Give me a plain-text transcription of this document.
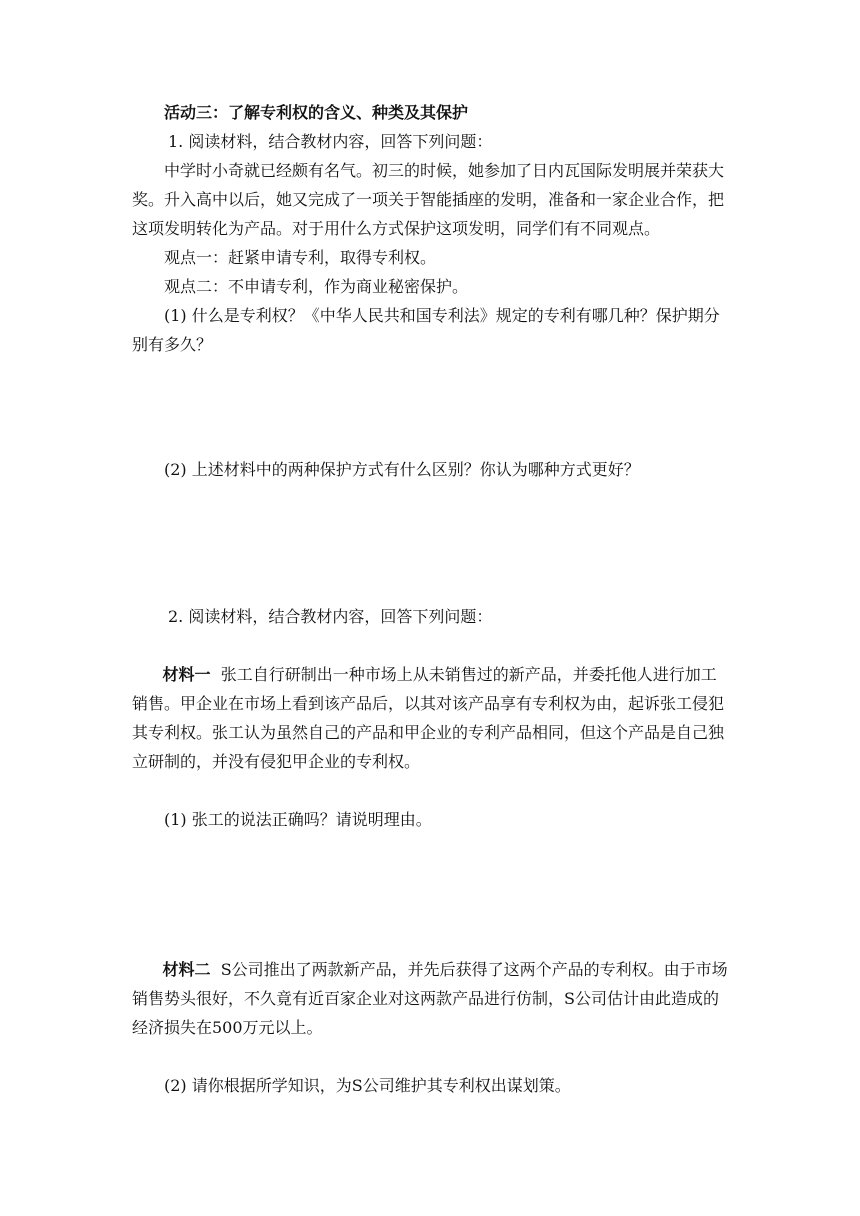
活动三：了解专利权的含义、种类及其保护

1. 阅读材料，结合教材内容，回答下列问题：

中学时小奇就已经颇有名气。初三的时候，她参加了日内瓦国际发明展并荣获大奖。升入高中以后，她又完成了一项关于智能插座的发明，准备和一家企业合作，把这项发明转化为产品。对于用什么方式保护这项发明，同学们有不同观点。

观点一：赶紧申请专利，取得专利权。

观点二：不申请专利，作为商业秘密保护。

(1) 什么是专利权？《中华人民共和国专利法》规定的专利有哪几种？保护期分别有多久？

(2) 上述材料中的两种保护方式有什么区别？你认为哪种方式更好？

2. 阅读材料，结合教材内容，回答下列问题：

材料一 张工自行研制出一种市场上从未销售过的新产品，并委托他人进行加工销售。甲企业在市场上看到该产品后，以其对该产品享有专利权为由，起诉张工侵犯其专利权。张工认为虽然自己的产品和甲企业的专利产品相同，但这个产品是自己独立研制的，并没有侵犯甲企业的专利权。

(1) 张工的说法正确吗？请说明理由。

材料二 S公司推出了两款新产品，并先后获得了这两个产品的专利权。由于市场销售势头很好，不久竟有近百家企业对这两款产品进行仿制，S公司估计由此造成的经济损失在500万元以上。

(2) 请你根据所学知识，为S公司维护其专利权出谋划策。
